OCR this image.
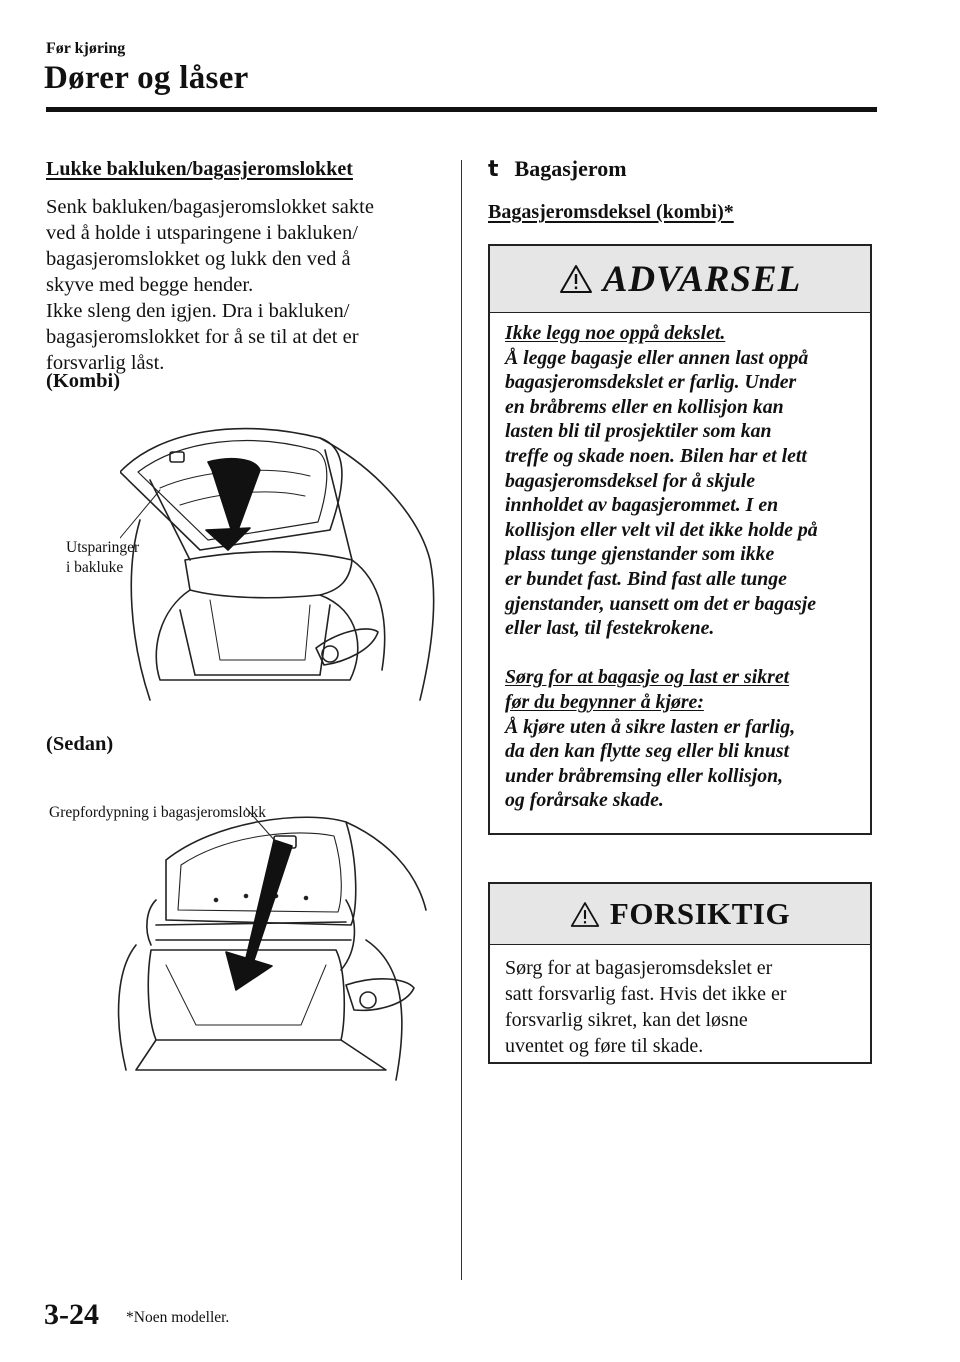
Før kjøring
Dører og låser
Lukke bakluken/bagasjeromslokket

Senk bakluken/bagasjeromslokket sakte

ved å holde i utsparingene i bakluken/

bagasjeromslokket og lukk den ved å

skyve med begge hender.

Ikke sleng den igjen. Dra i bakluken/

bagasjeromslokket for å se til at det er

forsvarlig låst.

(Kombi)
Utsparinger
i bakluke
(Sedan)
Grepfordypning i bagasjeromslokk
t Bagasjerom
Bagasjeromsdeksel (kombi)*
ADVARSEL

Ikke legg noe oppå dekslet.

Å legge bagasje eller annen last oppå

bagasjeromsdekslet er farlig. Under

en bråbrems eller en kollisjon kan

lasten bli til prosjektiler som kan

treffe og skade noen. Bilen har et lett

bagasjeromsdeksel for å skjule

innholdet av bagasjerommet. I en

kollisjon eller velt vil det ikke holde på

plass tunge gjenstander som ikke

er bundet fast. Bind fast alle tunge

gjenstander, uansett om det er bagasje

eller last, til festekrokene.

Sørg for at bagasje og last er sikret

før du begynner å kjøre:

Å kjøre uten å sikre lasten er farlig,

da den kan flytte seg eller bli knust

under bråbremsing eller kollisjon,

og forårsake skade.

FORSIKTIG
Sørg for at bagasjeromsdekslet er
satt forsvarlig fast. Hvis det ikke er
forsvarlig sikret, kan det løsne
uventet og føre til skade.
3-24 *Noen modeller.
